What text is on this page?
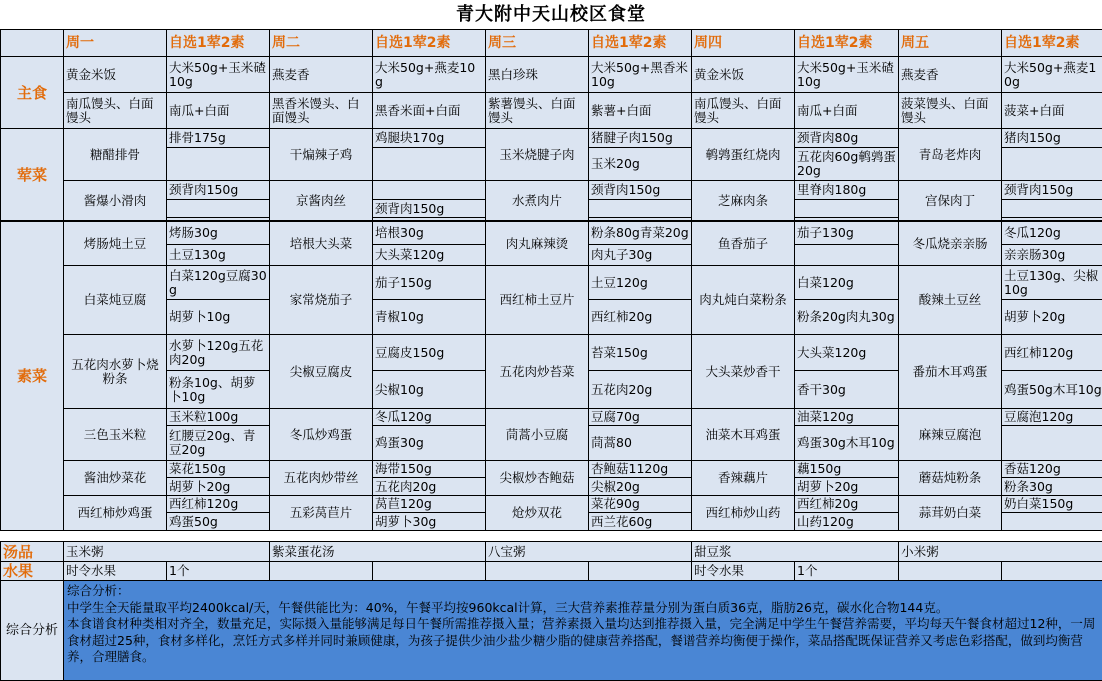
青大附中天山校区食堂
	周一	自选1荤2素	周二	自选1荤2素	周三	自选1荤2素	周四	自选1荤2素	周五	自选1荤2素
主食	黄金米饭	大米50g+玉米碴10g	燕麦香	大米50g+燕麦10g	黑白珍珠	大米50g+黑香米10g	黄金米饭	大米50g+玉米碴10g	燕麦香	大米50g+燕麦10g
	南瓜馒头、白面馒头	南瓜+白面	黑香米馒头、白面馒头	黑香米面+白面	紫薯馒头、白面馒头	紫薯+白面	南瓜馒头、白面馒头	南瓜+白面	菠菜馒头、白面馒头	菠菜+白面
荤菜	糖醋排骨	排骨175g	干煸辣子鸡	鸡腿块170g	玉米烧腱子肉	猪腱子肉150g	鹌鹑蛋红烧肉	颈背肉80g	青岛老炸肉	猪肉150g
						玉米20g		五花肉60g鹌鹑蛋20g		
	酱爆小滑肉	颈背肉150g	京酱肉丝		水煮肉片	颈背肉150g	芝麻肉条	里脊肉180g	宫保肉丁	颈背肉150g
				颈背肉150g						

素菜	烤肠炖土豆	烤肠30g	培根大头菜	培根30g	肉丸麻辣烫	粉条80g青菜20g	鱼香茄子	茄子130g	冬瓜烧亲亲肠	冬瓜120g
		土豆130g		大头菜120g		肉丸子30g				亲亲肠30g
	白菜炖豆腐	白菜120g豆腐30g	家常烧茄子	茄子150g	西红柿土豆片	土豆120g	肉丸炖白菜粉条	白菜120g	酸辣土豆丝	土豆130g、尖椒10g
		胡萝卜10g		青椒10g		西红柿20g		粉条20g肉丸30g		胡萝卜20g
	五花肉水萝卜烧粉条	水萝卜120g五花肉20g	尖椒豆腐皮	豆腐皮150g	五花肉炒苔菜	苔菜150g	大头菜炒香干	大头菜120g	番茄木耳鸡蛋	西红柿120g
		粉条10g、胡萝卜10g		尖椒10g		五花肉20g		香干30g		鸡蛋50g木耳10g
	三色玉米粒	玉米粒100g	冬瓜炒鸡蛋	冬瓜120g	茼蒿小豆腐	豆腐70g	油菜木耳鸡蛋	油菜120g	麻辣豆腐泡	豆腐泡120g
		红腰豆20g、青豆20g		鸡蛋30g		茼蒿80		鸡蛋30g木耳10g		
	酱油炒菜花	菜花150g	五花肉炒带丝	海带150g	尖椒炒杏鲍菇	杏鲍菇1120g	香辣藕片	藕150g	蘑菇炖粉条	香菇120g
		胡萝卜20g		五花肉20g		尖椒20g		胡萝卜20g		粉条30g
	西红柿炒鸡蛋	西红柿120g	五彩莴苣片	莴苣120g	炝炒双花	菜花90g	西红柿炒山药	西红柿20g	蒜茸奶白菜	奶白菜150g
		鸡蛋50g		胡萝卜30g		西兰花60g		山药120g		
汤品	玉米粥		紫菜蛋花汤		八宝粥		甜豆浆		小米粥	
水果	时令水果	1个					时令水果	1个		
综合分析	综合分析：
中学生全天能量取平均2400kcal/天，午餐供能比为：40%，午餐平均按960kcal计算，三大营养素推荐量分别为蛋白质36克，脂肪26克，碳水化合物144克。
本食谱食材种类相对齐全，数量充足，实际摄入量能够满足每日午餐所需推荐摄入量；营养素摄入量均达到推荐摄入量，完全满足中学生午餐营养需要，平均每天午餐食材超过12种，一周食材超过25种，食材多样化，烹饪方式多样并同时兼顾健康，为孩子提供少油少盐少糖少脂的健康营养搭配，餐谱营养均衡便于操作，菜品搭配既保证营养又考虑色彩搭配，做到均衡营养，合理膳食。									
